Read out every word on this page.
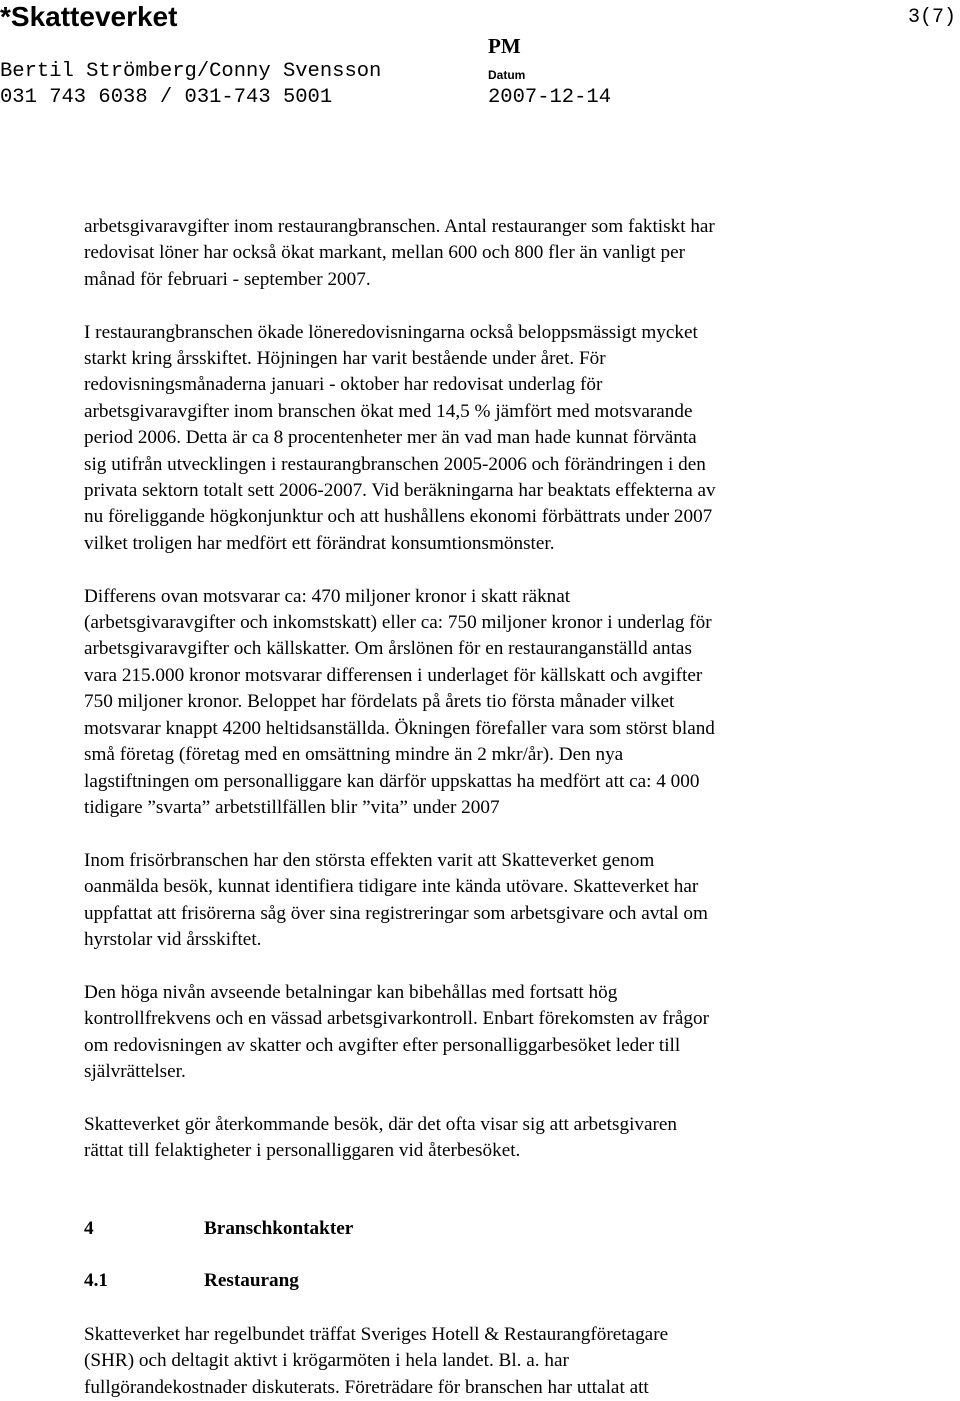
*Skatteverket	3(7)
PM
Datum
Bertil Strömberg/Conny Svensson
031 743 6038 / 031-743 5001	2007-12-14

arbetsgivaravgifter inom restaurangbranschen. Antal restauranger som faktiskt har
redovisat löner har också ökat markant, mellan 600 och 800 fler än vanligt per
månad för februari - september 2007.

I restaurangbranschen ökade löneredovisningarna också beloppsmässigt mycket
starkt kring årsskiftet. Höjningen har varit bestående under året. För
redovisningsmånaderna januari - oktober har redovisat underlag för
arbetsgivaravgifter inom branschen ökat med 14,5 % jämfört med motsvarande
period 2006. Detta är ca 8 procentenheter mer än vad man hade kunnat förvänta
sig utifrån utvecklingen i restaurangbranschen 2005-2006 och förändringen i den
privata sektorn totalt sett 2006-2007. Vid beräkningarna har beaktats effekterna av
nu föreliggande högkonjunktur och att hushållens ekonomi förbättrats under 2007
vilket troligen har medfört ett förändrat konsumtionsmönster.

Differens ovan motsvarar ca: 470 miljoner kronor i skatt räknat
(arbetsgivaravgifter och inkomstskatt) eller ca: 750 miljoner kronor i underlag för
arbetsgivaravgifter och källskatter. Om årslönen för en restauranganställd antas
vara 215.000 kronor motsvarar differensen i underlaget för källskatt och avgifter
750 miljoner kronor. Beloppet har fördelats på årets tio första månader vilket
motsvarar knappt 4200 heltidsanställda. Ökningen förefaller vara som störst bland
små företag (företag med en omsättning mindre än 2 mkr/år). Den nya
lagstiftningen om personalliggare kan därför uppskattas ha medfört att ca: 4 000
tidigare ”svarta” arbetstillfällen blir ”vita” under 2007

Inom frisörbranschen har den största effekten varit att Skatteverket genom
oanmälda besök, kunnat identifiera tidigare inte kända utövare. Skatteverket har
uppfattat att frisörerna såg över sina registreringar som arbetsgivare och avtal om
hyrstolar vid årsskiftet.

Den höga nivån avseende betalningar kan bibehållas med fortsatt hög
kontrollfrekvens och en vässad arbetsgivarkontroll. Enbart förekomsten av frågor
om redovisningen av skatter och avgifter efter personalliggarbesöket leder till
självrättelser.

Skatteverket gör återkommande besök, där det ofta visar sig att arbetsgivaren
rättat till felaktigheter i personalliggaren vid återbesöket.

4	Branschkontakter
4.1	Restaurang

Skatteverket har regelbundet träffat Sveriges Hotell & Restaurangföretagare
(SHR) och deltagit aktivt i krögarmöten i hela landet. Bl. a. har
fullgörandekostnader diskuterats. Företrädare för branschen har uttalat att
